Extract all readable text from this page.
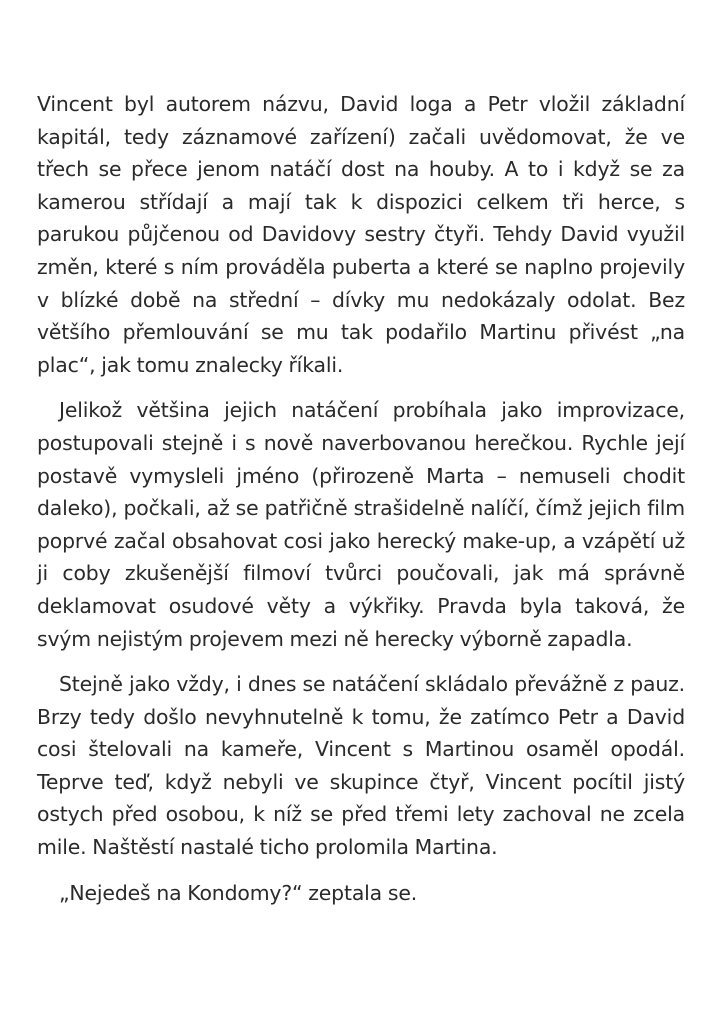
Vincent byl autorem názvu, David loga a Petr vložil základní kapitál, tedy záznamové zařízení) začali uvědomovat, že ve třech se přece jenom natáčí dost na houby. A to i když se za kamerou střídají a mají tak k dispozici celkem tři herce, s parukou půjčenou od Davidovy sestry čtyři. Tehdy David využil změn, které s ním prováděla puberta a které se naplno projevily v blízké době na střední – dívky mu nedokázaly odolat. Bez většího přemlouvání se mu tak podařilo Martinu přivést „na plac“, jak tomu znalecky říkali.

Jelikož většina jejich natáčení probíhala jako improvizace, postupovali stejně i s nově naverbovanou herečkou. Rychle její postavě vymysleli jméno (přirozeně Marta – nemuseli chodit daleko), počkali, až se patřičně strašidelně nalíčí, čímž jejich film poprvé začal obsahovat cosi jako herecký make-up, a vzápětí už ji coby zkušenější filmoví tvůrci poučovali, jak má správně deklamovat osudové věty a výkřiky. Pravda byla taková, že svým nejistým projevem mezi ně herecky výborně zapadla.

Stejně jako vždy, i dnes se natáčení skládalo převážně z pauz. Brzy tedy došlo nevyhnutelně k tomu, že zatímco Petr a David cosi štelovali na kameře, Vincent s Martinou osaměl opodál. Teprve teď, když nebyli ve skupince čtyř, Vincent pocítil jistý ostych před osobou, k níž se před třemi lety zachoval ne zcela mile. Naštěstí nastalé ticho prolomila Martina.

„Nejedeš na Kondomy?“ zeptala se.
